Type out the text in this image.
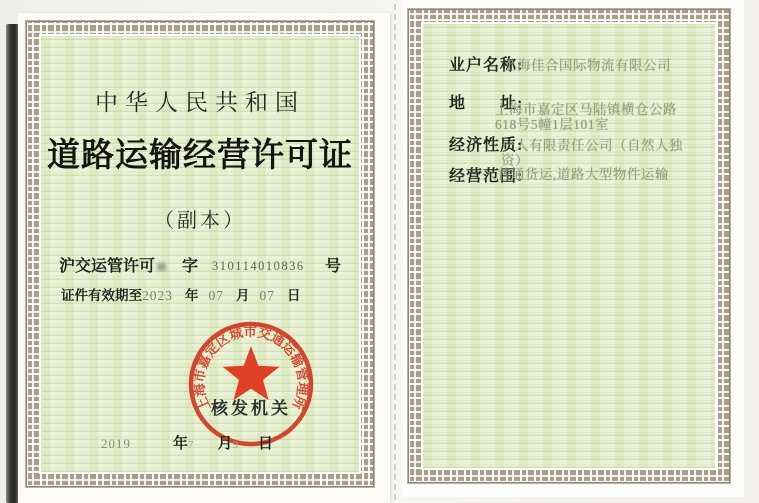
中华人民共和国
道路运输经营许可证
（副本）
沪交运管许可 字 310114010836 号
证件有效期至2023 年 07 月 07 日
核发机关
上海市嘉定区城市交通运输管理所
2019	年7 月9 日
业户名称:
上海佳合国际物流有限公司
地　　址:
上海市嘉定区马陆镇横仓公路618号5幢1层101室
经济性质:
一人有限责任公司（自然人独资）
经营范围:
普通货运,道路大型物件运输
